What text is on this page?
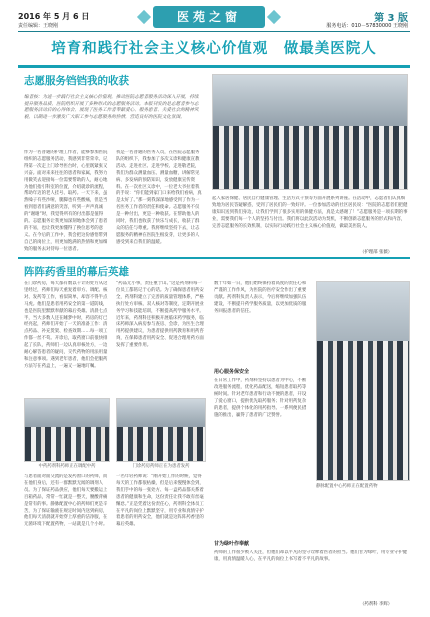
2016 年 5 月 6 日
责任编辑：王晓刚
医苑之窗	第 3 版
服务电话：010－57830000 王晓刚
培育和践行社会主义核心价值观　做最美医院人
志愿服务铛铛我的收获
编者按：为进一步践行社会主义核心价值观，推动医院志愿者服务活动深入开展，持续提升服务品质，医院组织开展了多种形式的志愿服务活动。本版刊发的是志愿者参与志愿服务活动后的心得体会，展现了医务工作者奉献爱心、服务患者、关爱社会的精神风貌，以期进一步激发广大职工参与志愿服务的热情，营造良好的医院文化氛围。
作为一名普通的护理工作者，能够参加医院组织的志愿服务活动，我感到非常荣幸。记得第一次走上门诊导医台时，心里既紧张又兴奋。面对来来往往的患者和家属，我努力用微笑去迎接每一位需要帮助的人，耐心地为他们指引科室的位置，介绍就诊的流程，帮助年迈的老人挂号、取药。一天下来，虽然嗓子有些沙哑，腿脚也有些酸痛，但是当看到患者们满意的笑容，听到一声声真诚的“谢谢”时，我觉得所有的付出都是值得的。志愿服务让我更加深刻地体会到了患者的不易，也让我更加懂得了换位思考的意义。在今后的工作中，我会把这份感悟带到自己的岗位上，用更加饱满的热情和更加细致的服务去对待每一位患者。
我是一名普通的医务人员，在医院志愿服务队的组织下，我参加了多次义诊和健康宣教活动。走进社区、走进学校、走进敬老院，我们为群众测量血压、测量血糖，讲解常见病、多发病的预防知识，发放健康宣传资料。在一次社区义诊中，一位老大爷拉着我的手说：“你们能到家门口来给我们看病，真是太好了。”那一刻我深深地感受到了作为一名医务工作者的责任和使命。志愿服务不仅是一种付出，更是一种收获。在帮助他人的同时，我们也收获了快乐与成长，收获了群众的信任与尊重。我将继续坚持下去，让志愿服务的精神在医院生根发芽，让更多的人感受到来自我们的温暖。
起人家居保健、居民自行健康管理、生活方式干预等方面开展系列讲座。在活动中，志愿者们认真细致地为居民答疑解惑，受到了居民们的一致好评。一位参加活动的社区居民说：“医院的志愿者们把健康知识送到我们身边，让我们学到了很多实用的保健方法，真是太感谢了！”志愿服务是一项长期的事业，需要我们每一个人的坚持与付出。我们将以此次活动为契机，不断创新志愿服务的形式和内容，完善志愿服务的长效机制，以实际行动践行社会主义核心价值观，做最美医院人。
（护理部 张薇）
阵阵药香里的幕后英雄
在门诊药房，每天都有数以千计的处方从这里经过，药师们每天重复着审方、调配、核对、发药等工作，看似简单，却容不得半点马虎。他们是患者用药安全的第一道防线，也是医院里默默奉献的幕后英雄。清晨七点半，当大多数人还在睡梦中时，药房的灯已经亮起，药师们开始了一天的准备工作：清点药品、补充货架、检查效期……每一项工作都一丝不苟。开诊后，取药窗口前很快排起了长队，药师们一边认真审核处方，一边耐心解答患者的疑问，交代药物的用法用量和注意事项。遇到老年患者，他们会把服药方法写在药盒上，一遍又一遍地叮嘱。
“药品无小事，责任重于山。”这是药剂科每一位员工都铭记于心的话。为了确保患者用药安全，药剂科建立了完善的质量管理体系，严格执行处方审核、双人核对等制度，定期开展业务学习和技能培训，不断提高药学服务水平。近年来，药剂科还积极开展临床药学服务，临床药师深入病房参与查房、会诊，为医生合理用药提供建议，为患者提供用药教育和用药咨询，在保障患者用药安全、促进合理用药方面发挥了重要作用。
中药药剂科药师正在调配中药
与患者面对面交流的是发药窗口的药师，而在他们身后，还有一群默默无闻的调剂人员。为了保证药品供应，他们每天要搬运上百箱药品，常常一忙就是一整天，腰酸背痛是常有的事。静脉配置中心的药师们更是辛苦，为了保证输液在规定时间内送到病房，他们每天清晨就开始穿上厚重的洁净服，在无菌环境下配置药物，一站就是几个小时。
门诊药房药师正在为患者发药
一名年轻药师说：“刚开始工作的时候，觉得每天的工作都很枯燥，但是后来慢慢体会到，我们手中的每一张处方、每一盒药品都关系着患者的健康和生命，这份责任让我不敢有丝毫懈怠。”正是凭着这份责任心，药剂科全体员工在平凡的岗位上默默坚守，用专业和真情守护着患者的用药安全，他们就是这阵阵药香里的幕后英雄。
数十年如一日，他们始终保持着高度的责任心和严谨的工作作风，为医院的医疗安全作出了重要贡献。药剂科负责人表示，今后将继续加强队伍建设，不断提升药学服务质量，以更加优质的服务回报患者的信任。
用心服务保安全
在日常工作中，药剂科坚持以患者为中心，不断改进服务流程，优化药品配送，缩短患者取药等候时间。针对老年患者和行动不便的患者，开设了爱心窗口，提供优先取药服务；针对用药复杂的患者，提供个体化的用药指导。一系列便民措施的推出，赢得了患者的广泛赞誉。
静脉配置中心药师正在配置药物
甘为绿叶作奉献
药师的工作很少被人关注，但他们却以平凡的坚守诠释着医者的担当。他们甘为绿叶，用专业守护健康，用真情温暖人心，在平凡的岗位上书写着不平凡的故事。
（药剂科 李辉）
